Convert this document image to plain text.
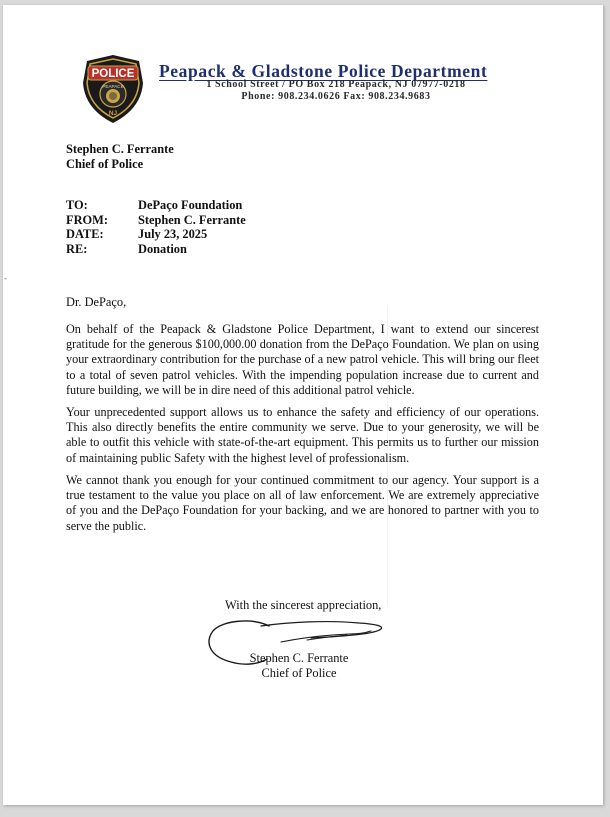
POLICE
PEAPACK
NJ
Peapack & Gladstone Police Department
1 School Street / PO Box 218 Peapack, NJ 07977-0218
Phone: 908.234.0626 Fax: 908.234.9683
Stephen C. Ferrante
Chief of Police
TO:	DePaço Foundation
FROM:	Stephen C. Ferrante
DATE:	July 23, 2025
RE:	Donation
-
Dr. DePaço,
On behalf of the Peapack & Gladstone Police Department, I want to extend our sincerest gratitude for the generous $100,000.00 donation from the DePaço Foundation. We plan on using your extraordinary contribution for the purchase of a new patrol vehicle. This will bring our fleet to a total of seven patrol vehicles. With the impending population increase due to current and future building, we will be in dire need of this additional patrol vehicle.
Your unprecedented support allows us to enhance the safety and efficiency of our operations. This also directly benefits the entire community we serve. Due to your generosity, we will be able to outfit this vehicle with state-of-the-art equipment. This permits us to further our mission of maintaining public Safety with the highest level of professionalism.
We cannot thank you enough for your continued commitment to our agency. Your support is a true testament to the value you place on all of law enforcement. We are extremely appreciative of you and the DePaço Foundation for your backing, and we are honored to partner with you to serve the public.
With the sincerest appreciation,
Stephen C. Ferrante
Chief of Police
